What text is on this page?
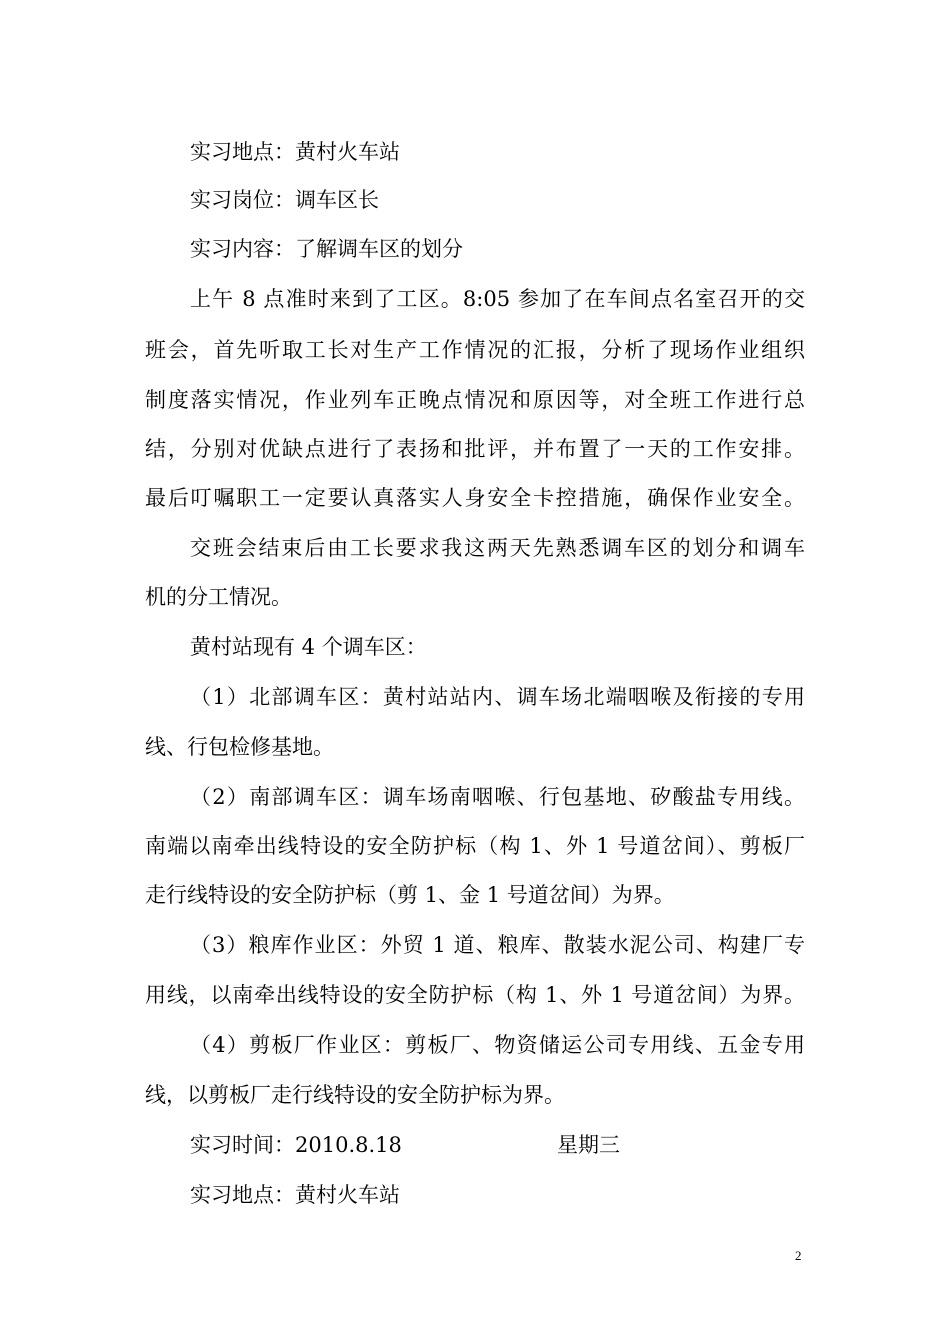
实习地点：黄村火车站
实习岗位：调车区长
实习内容：了解调车区的划分
上午 8 点准时来到了工区。8:05 参加了在车间点名室召开的交
班会，首先听取工长对生产工作情况的汇报，分析了现场作业组织
制度落实情况，作业列车正晚点情况和原因等，对全班工作进行总
结，分别对优缺点进行了表扬和批评，并布置了一天的工作安排。
最后叮嘱职工一定要认真落实人身安全卡控措施，确保作业安全。
交班会结束后由工长要求我这两天先熟悉调车区的划分和调车
机的分工情况。
黄村站现有 4 个调车区：
（1）北部调车区：黄村站站内、调车场北端咽喉及衔接的专用
线、行包检修基地。
（2）南部调车区：调车场南咽喉、行包基地、矽酸盐专用线。
南端以南牵出线特设的安全防护标（构 1、外 1 号道岔间）、剪板厂
走行线特设的安全防护标（剪 1、金 1 号道岔间）为界。
（3）粮库作业区：外贸 1 道、粮库、散装水泥公司、构建厂专
用线，以南牵出线特设的安全防护标（构 1、外 1 号道岔间）为界。
（4）剪板厂作业区：剪板厂、物资储运公司专用线、五金专用
线，以剪板厂走行线特设的安全防护标为界。
实习时间：2010.8.18	星期三
实习地点：黄村火车站
2
